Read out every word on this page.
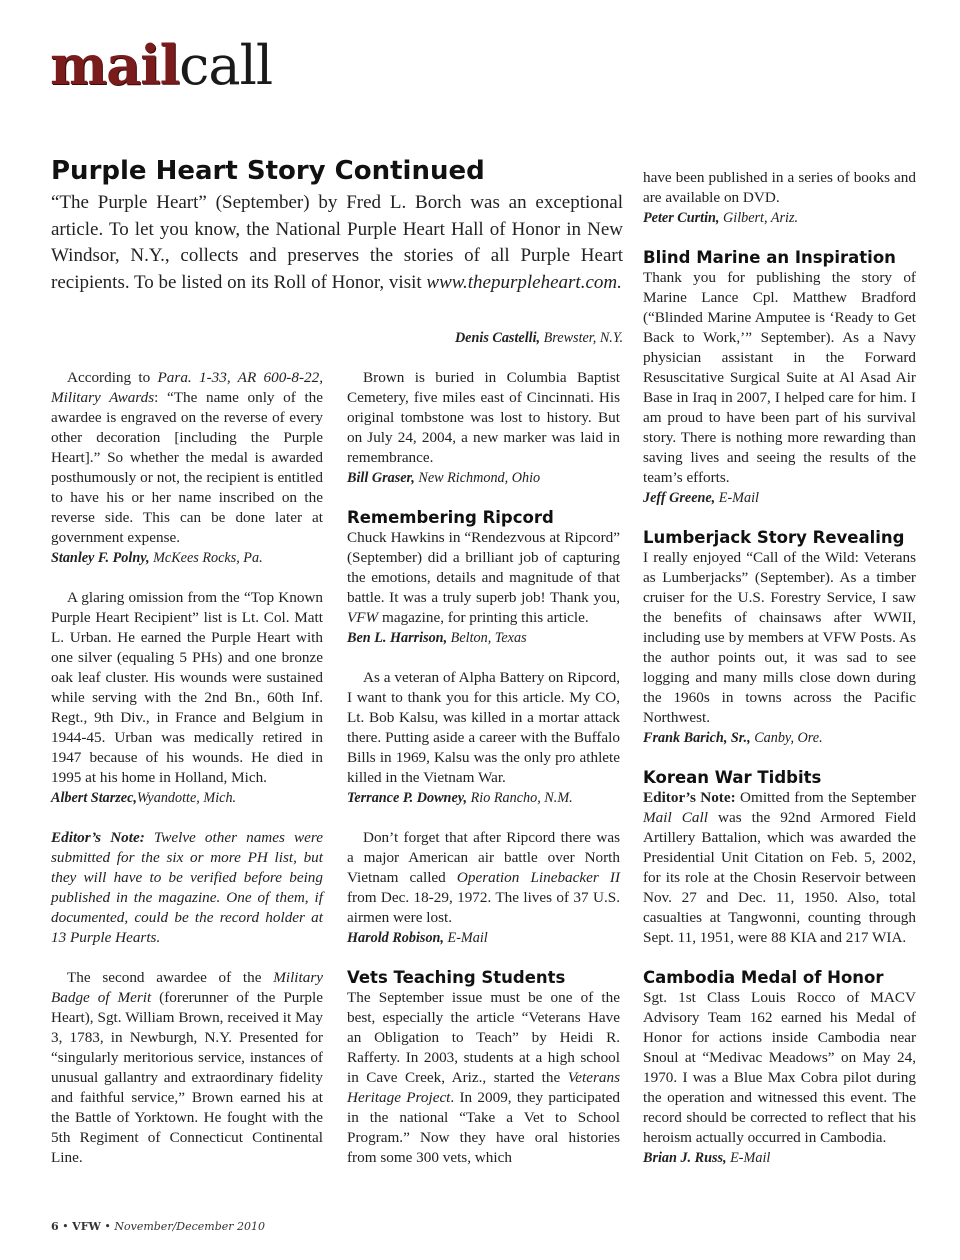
mailcall
Purple Heart Story Continued

“The Purple Heart” (September) by Fred L. Borch was an exceptional article. To let you know, the National Purple Heart Hall of Honor in New Windsor, N.Y., collects and preserves the stories of all Purple Heart recipients. To be listed on its Roll of Honor, visit www.thepurpleheart.com.

Denis Castelli, Brewster, N.Y.

According to Para. 1-33, AR 600-8-22, Military Awards: “The name only of the awardee is engraved on the reverse of every other decoration [including the Purple Heart].” So whether the medal is awarded posthumously or not, the recipient is entitled to have his or her name inscribed on the reverse side. This can be done later at government expense.

Stanley F. Polny, McKees Rocks, Pa.

A glaring omission from the “Top Known Purple Heart Recipient” list is Lt. Col. Matt L. Urban. He earned the Purple Heart with one silver (equaling 5 PHs) and one bronze oak leaf cluster. His wounds were sustained while serving with the 2nd Bn., 60th Inf. Regt., 9th Div., in France and Belgium in 1944-45. Urban was medically retired in 1947 because of his wounds. He died in 1995 at his home in Holland, Mich.

Albert Starzec,Wyandotte, Mich.

Editor’s Note: Twelve other names were submitted for the six or more PH list, but they will have to be verified before being published in the magazine. One of them, if documented, could be the record holder at 13 Purple Hearts.

The second awardee of the Military Badge of Merit (forerunner of the Purple Heart), Sgt. William Brown, received it May 3, 1783, in Newburgh, N.Y. Presented for “singularly meritorious service, instances of unusual gallantry and extraordinary fidelity and faithful service,” Brown earned his at the Battle of Yorktown. He fought with the 5th Regiment of Connecticut Continental Line.

Brown is buried in Columbia Baptist Cemetery, five miles east of Cincinnati. His original tombstone was lost to history. But on July 24, 2004, a new marker was laid in remembrance.

Bill Graser, New Richmond, Ohio

Remembering Ripcord

Chuck Hawkins in “Rendezvous at Ripcord” (September) did a brilliant job of capturing the emotions, details and magnitude of that battle. It was a truly superb job! Thank you, VFW magazine, for printing this article.

Ben L. Harrison, Belton, Texas

As a veteran of Alpha Battery on Ripcord, I want to thank you for this article. My CO, Lt. Bob Kalsu, was killed in a mortar attack there. Putting aside a career with the Buffalo Bills in 1969, Kalsu was the only pro athlete killed in the Vietnam War.

Terrance P. Downey, Rio Rancho, N.M.

Don’t forget that after Ripcord there was a major American air battle over North Vietnam called Operation Linebacker II from Dec. 18-29, 1972. The lives of 37 U.S. airmen were lost.

Harold Robison, E-Mail

Vets Teaching Students

The September issue must be one of the best, especially the article “Veterans Have an Obligation to Teach” by Heidi R. Rafferty. In 2003, students at a high school in Cave Creek, Ariz., started the Veterans Heritage Project. In 2009, they participated in the national “Take a Vet to School Program.” Now they have oral histories from some 300 vets, which

have been published in a series of books and are available on DVD.

Peter Curtin, Gilbert, Ariz.

Blind Marine an Inspiration

Thank you for publishing the story of Marine Lance Cpl. Matthew Bradford (“Blinded Marine Amputee is ‘Ready to Get Back to Work,’” September). As a Navy physician assistant in the Forward Resuscitative Surgical Suite at Al Asad Air Base in Iraq in 2007, I helped care for him. I am proud to have been part of his survival story. There is nothing more rewarding than saving lives and seeing the results of the team’s efforts.

Jeff Greene, E-Mail

Lumberjack Story Revealing

I really enjoyed “Call of the Wild: Veterans as Lumberjacks” (September). As a timber cruiser for the U.S. Forestry Service, I saw the benefits of chainsaws after WWII, including use by members at VFW Posts. As the author points out, it was sad to see logging and many mills close down during the 1960s in towns across the Pacific Northwest.

Frank Barich, Sr., Canby, Ore.

Korean War Tidbits

Editor’s Note: Omitted from the September Mail Call was the 92nd Armored Field Artillery Battalion, which was awarded the Presidential Unit Citation on Feb. 5, 2002, for its role at the Chosin Reservoir between Nov. 27 and Dec. 11, 1950. Also, total casualties at Tangwonni, counting through Sept. 11, 1951, were 88 KIA and 217 WIA.

Cambodia Medal of Honor

Sgt. 1st Class Louis Rocco of MACV Advisory Team 162 earned his Medal of Honor for actions inside Cambodia near Snoul at “Medivac Meadows” on May 24, 1970. I was a Blue Max Cobra pilot during the operation and witnessed this event. The record should be corrected to reflect that his heroism actually occurred in Cambodia.

Brian J. Russ, E-Mail

6 • VFW • November/December 2010
